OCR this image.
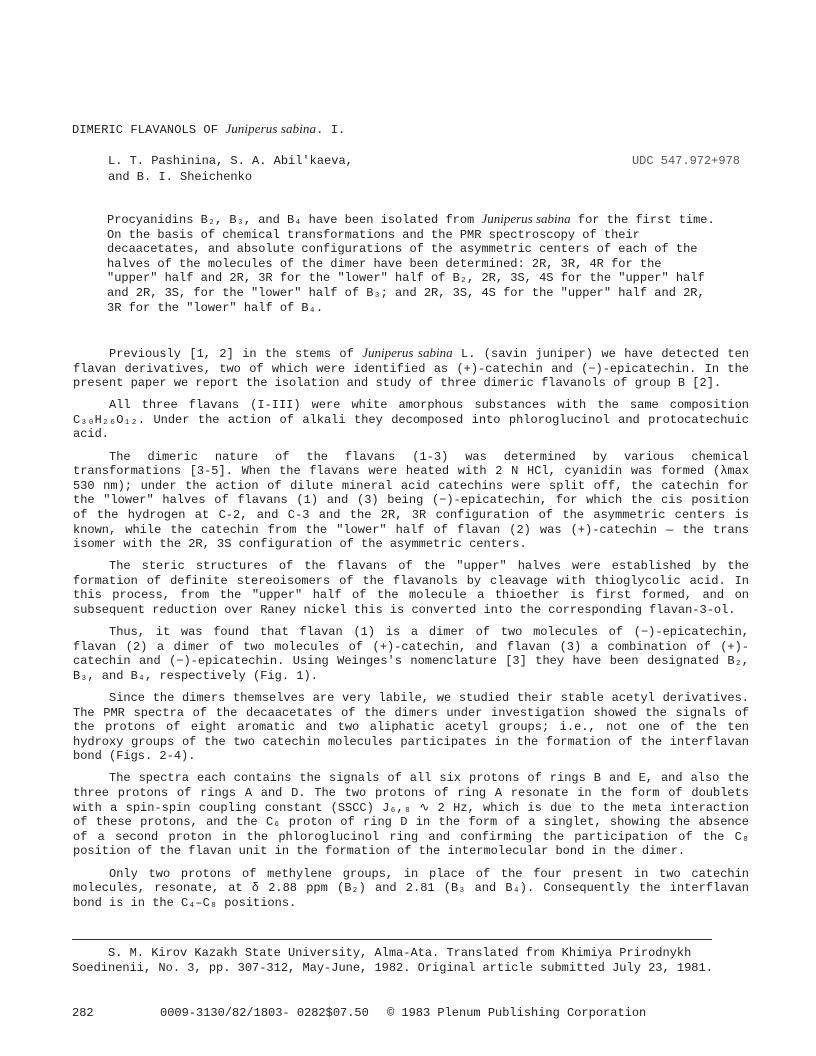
DIMERIC FLAVANOLS OF Juniperus sabina. I.
L. T. Pashinina, S. A. Abil'kaeva,
and B. I. Sheichenko
UDC 547.972+978

Procyanidins B₂, B₃, and B₄ have been isolated from Juniperus sabina for the first time. On the basis of chemical transformations and the PMR spectroscopy of their decaacetates, and absolute configurations of the asymmetric centers of each of the halves of the molecules of the dimer have been determined: 2R, 3R, 4R for the "upper" half and 2R, 3R for the "lower" half of B₂, 2R, 3S, 4S for the "upper" half and 2R, 3S, for the "lower" half of B₃; and 2R, 3S, 4S for the "upper" half and 2R, 3R for the "lower" half of B₄.

Previously [1, 2] in the stems of Juniperus sabina L. (savin juniper) we have detected ten flavan derivatives, two of which were identified as (+)-catechin and (−)-epicatechin. In the present paper we report the isolation and study of three dimeric flavanols of group B [2].

All three flavans (I-III) were white amorphous substances with the same composition C₃₀H₂₆O₁₂. Under the action of alkali they decomposed into phloroglucinol and protocatechuic acid.

The dimeric nature of the flavans (1-3) was determined by various chemical transformations [3-5]. When the flavans were heated with 2 N HCl, cyanidin was formed (λmax 530 nm); under the action of dilute mineral acid catechins were split off, the catechin for the "lower" halves of flavans (1) and (3) being (−)-epicatechin, for which the cis position of the hydrogen at C-2, and C-3 and the 2R, 3R configuration of the asymmetric centers is known, while the catechin from the "lower" half of flavan (2) was (+)-catechin — the trans isomer with the 2R, 3S configuration of the asymmetric centers.

The steric structures of the flavans of the "upper" halves were established by the formation of definite stereoisomers of the flavanols by cleavage with thioglycolic acid. In this process, from the "upper" half of the molecule a thioether is first formed, and on subsequent reduction over Raney nickel this is converted into the corresponding flavan-3-ol.

Thus, it was found that flavan (1) is a dimer of two molecules of (−)-epicatechin, flavan (2) a dimer of two molecules of (+)-catechin, and flavan (3) a combination of (+)-catechin and (−)-epicatechin. Using Weinges's nomenclature [3] they have been designated B₂, B₃, and B₄, respectively (Fig. 1).

Since the dimers themselves are very labile, we studied their stable acetyl derivatives. The PMR spectra of the decaacetates of the dimers under investigation showed the signals of the protons of eight aromatic and two aliphatic acetyl groups; i.e., not one of the ten hydroxy groups of the two catechin molecules participates in the formation of the interflavan bond (Figs. 2-4).

The spectra each contains the signals of all six protons of rings B and E, and also the three protons of rings A and D. The two protons of ring A resonate in the form of doublets with a spin-spin coupling constant (SSCC) J₆,₈ ∿ 2 Hz, which is due to the meta interaction of these protons, and the C₆ proton of ring D in the form of a singlet, showing the absence of a second proton in the phloroglucinol ring and confirming the participation of the C₈ position of the flavan unit in the formation of the intermolecular bond in the dimer.

Only two protons of methylene groups, in place of the four present in two catechin molecules, resonate, at δ 2.88 ppm (B₂) and 2.81 (B₃ and B₄). Consequently the interflavan bond is in the C₄–C₈ positions.

S. M. Kirov Kazakh State University, Alma-Ata. Translated from Khimiya Prirodnykh Soedinenii, No. 3, pp. 307-312, May-June, 1982. Original article submitted July 23, 1981.

282	0009-3130/82/1803- 0282$07.50 © 1983 Plenum Publishing Corporation
